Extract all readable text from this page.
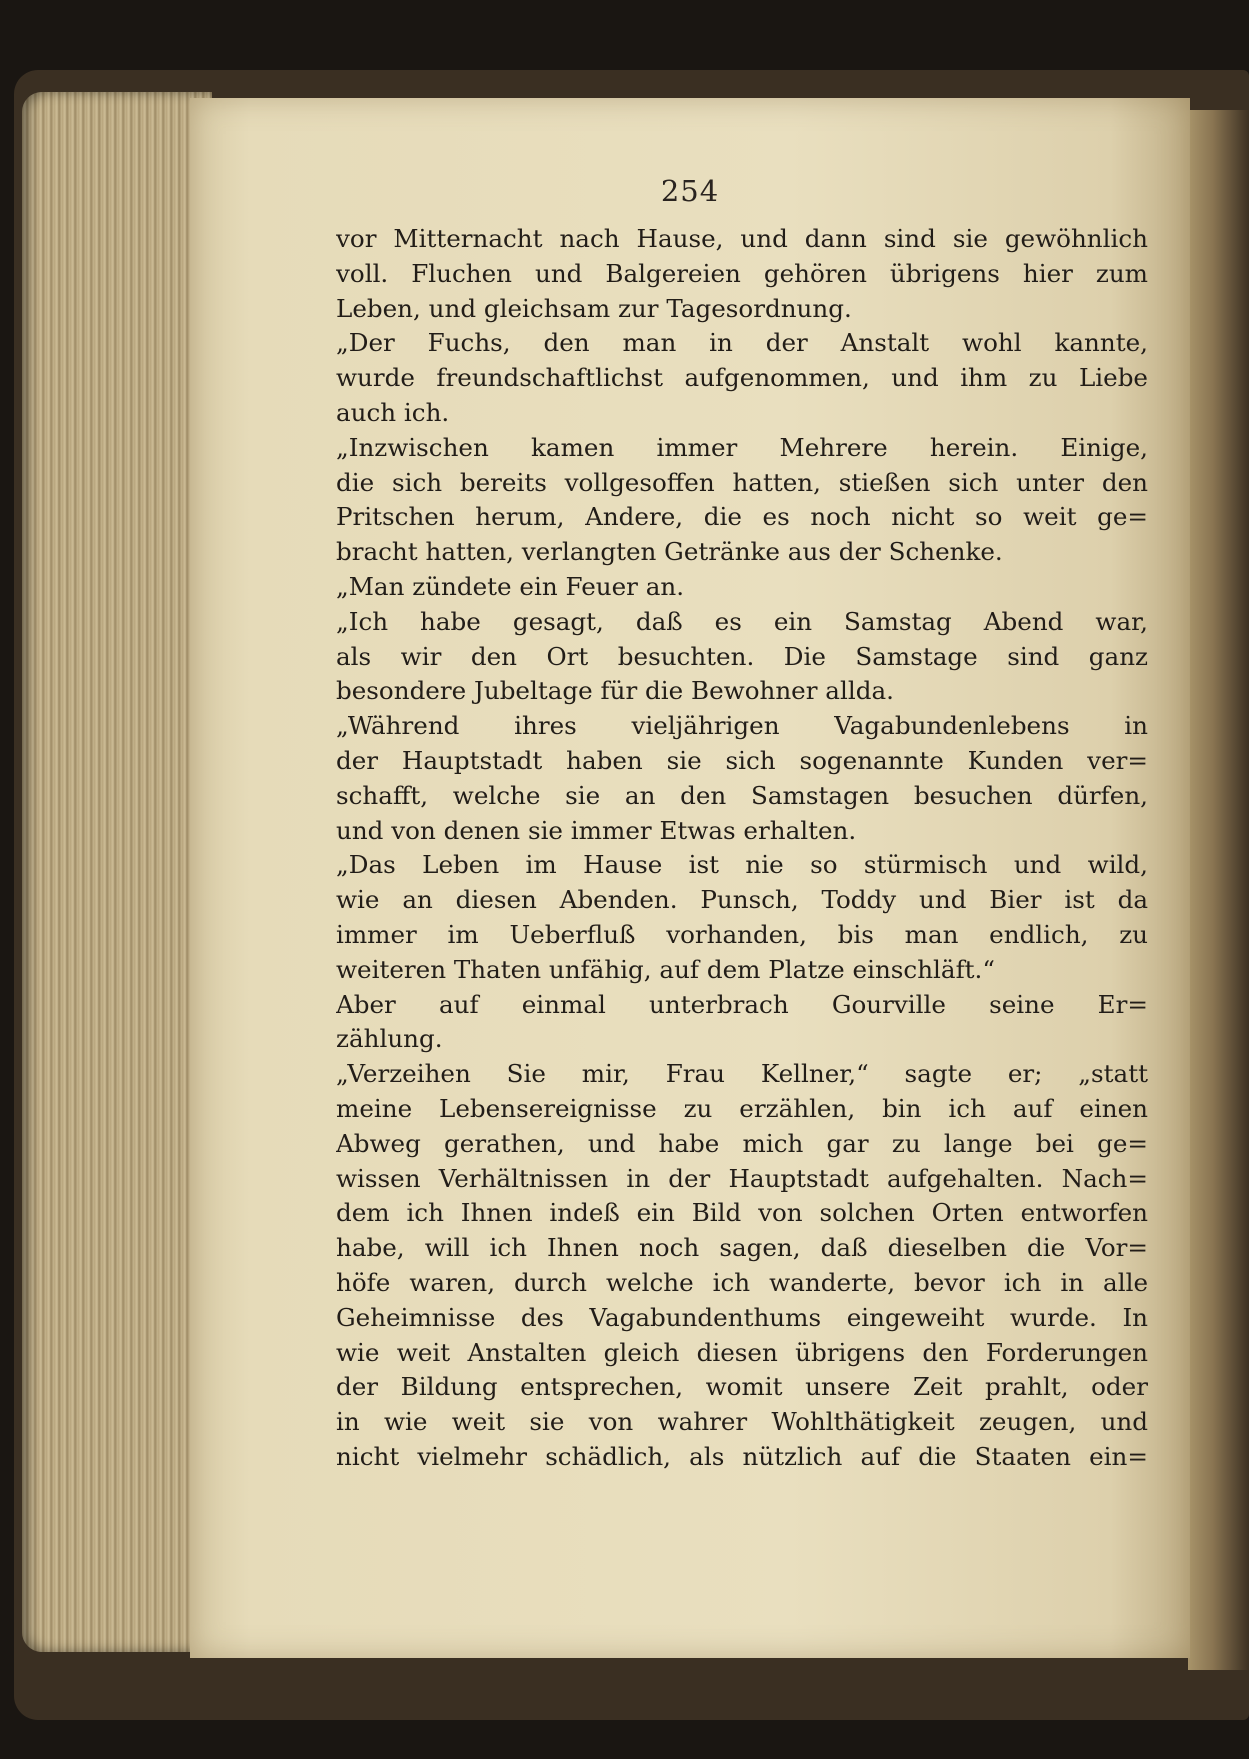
254
vor Mitternacht nach Hause, und dann sind sie gewöhnlich
voll. Fluchen und Balgereien gehören übrigens hier zum
Leben, und gleichsam zur Tagesordnung.
„Der Fuchs, den man in der Anstalt wohl kannte,
wurde freundschaftlichst aufgenommen, und ihm zu Liebe
auch ich.
„Inzwischen kamen immer Mehrere herein. Einige,
die sich bereits vollgesoffen hatten, stießen sich unter den
Pritschen herum, Andere, die es noch nicht so weit ge=
bracht hatten, verlangten Getränke aus der Schenke.
„Man zündete ein Feuer an.
„Ich habe gesagt, daß es ein Samstag Abend war,
als wir den Ort besuchten. Die Samstage sind ganz
besondere Jubeltage für die Bewohner allda.
„Während ihres vieljährigen Vagabundenlebens in
der Hauptstadt haben sie sich sogenannte Kunden ver=
schafft, welche sie an den Samstagen besuchen dürfen,
und von denen sie immer Etwas erhalten.
„Das Leben im Hause ist nie so stürmisch und wild,
wie an diesen Abenden. Punsch, Toddy und Bier ist da
immer im Ueberfluß vorhanden, bis man endlich, zu
weiteren Thaten unfähig, auf dem Platze einschläft.“
Aber auf einmal unterbrach Gourville seine Er=
zählung.
„Verzeihen Sie mir, Frau Kellner,“ sagte er; „statt
meine Lebensereignisse zu erzählen, bin ich auf einen
Abweg gerathen, und habe mich gar zu lange bei ge=
wissen Verhältnissen in der Hauptstadt aufgehalten. Nach=
dem ich Ihnen indeß ein Bild von solchen Orten entworfen
habe, will ich Ihnen noch sagen, daß dieselben die Vor=
höfe waren, durch welche ich wanderte, bevor ich in alle
Geheimnisse des Vagabundenthums eingeweiht wurde. In
wie weit Anstalten gleich diesen übrigens den Forderungen
der Bildung entsprechen, womit unsere Zeit prahlt, oder
in wie weit sie von wahrer Wohlthätigkeit zeugen, und
nicht vielmehr schädlich, als nützlich auf die Staaten ein=
